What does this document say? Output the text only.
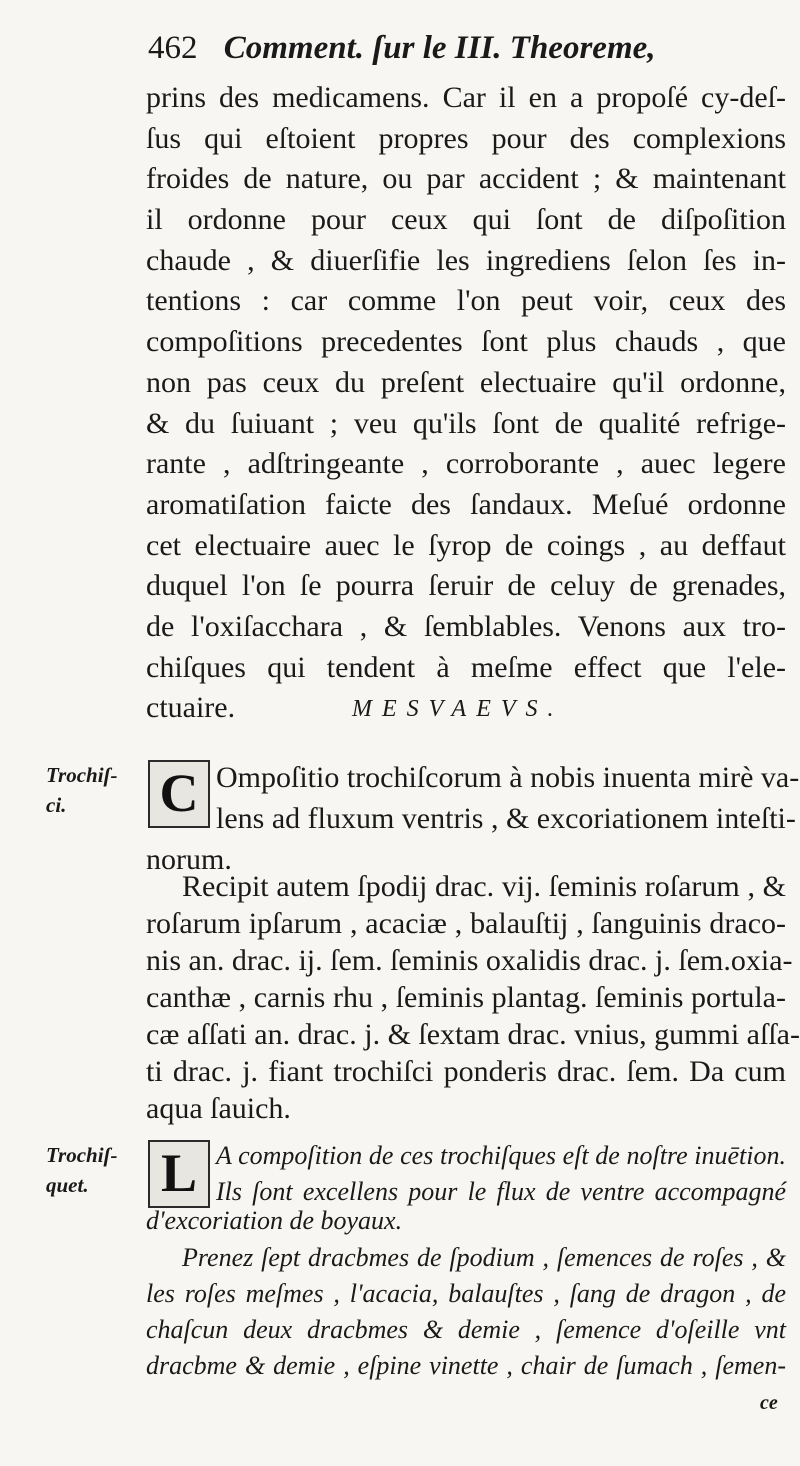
462 Comment. ſur le III. Theoreme,
prins des medicamens. Car il en a propoſé cy-deſ-
ſus qui eſtoient propres pour des complexions
froides de nature, ou par accident ; & maintenant
il ordonne pour ceux qui ſont de diſpoſition
chaude , & diuerſifie les ingrediens ſelon ſes in-
tentions : car comme l'on peut voir, ceux des
compoſitions precedentes ſont plus chauds , que
non pas ceux du preſent electuaire qu'il ordonne,
& du ſuiuant ; veu qu'ils ſont de qualité refrige-
rante , adſtringeante , corroborante , auec legere
aromatiſation faicte des ſandaux. Meſué ordonne
cet electuaire auec le ſyrop de coings , au deffaut
duquel l'on ſe pourra ſeruir de celuy de grenades,
de l'oxiſacchara , & ſemblables. Venons aux tro-
chiſques qui tendent à meſme effect que l'ele-
ctuaire.	MESVAEVS.
Trochiſ-
ci.	C Ompoſitio trochiſcorum à nobis inuenta mirè va-
lens ad fluxum ventris , & excoriationem inteſti-
norum.
Recipit autem ſpodij drac. vij. ſeminis roſarum , &
roſarum ipſarum , acaciæ , balauſtij , ſanguinis draco-
nis an. drac. ij. ſem. ſeminis oxalidis drac. j. ſem.oxia-
canthæ , carnis rhu , ſeminis plantag. ſeminis portula-
cæ aſſati an. drac. j. & ſextam drac. vnius, gummi aſſa-
ti drac. j. fiant trochiſci ponderis drac. ſem. Da cum
aqua ſauich.
Trochiſ-
quet.	L A compoſition de ces trochiſques eſt de noſtre inuētion.
Ils ſont excellens pour le flux de ventre accompagné
d'excoriation de boyaux.
Prenez ſept dracbmes de ſpodium , ſemences de roſes , &
les roſes meſmes , l'acacia, balauſtes , ſang de dragon , de
chaſcun deux dracbmes & demie , ſemence d'oſeille vnt
dracbme & demie , eſpine vinette , chair de ſumach , ſemen-
ce
